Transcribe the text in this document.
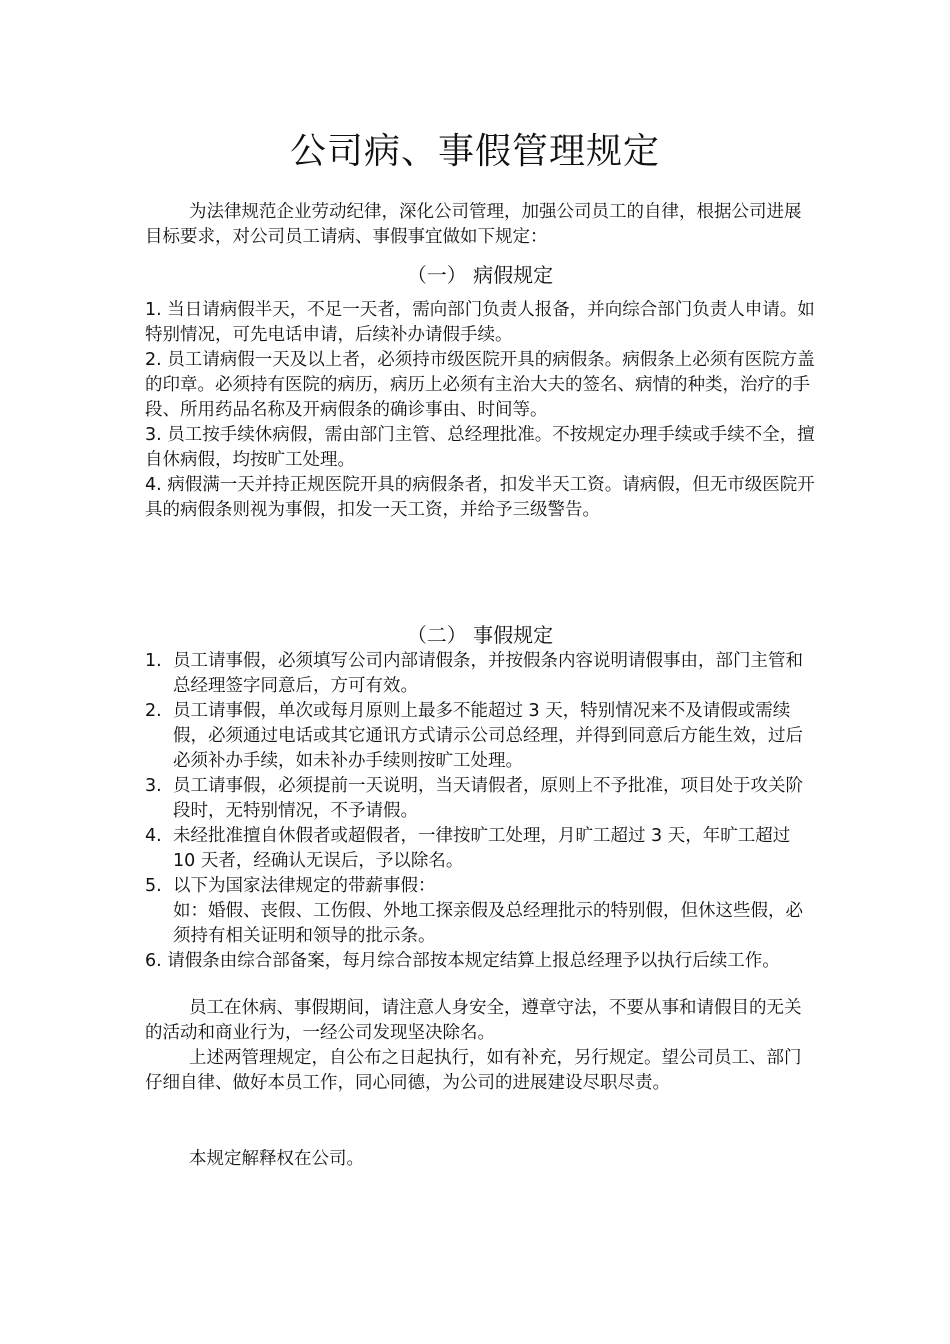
公司病、事假管理规定
为法律规范企业劳动纪律，深化公司管理，加强公司员工的自律，根据公司进展目标要求，对公司员工请病、事假事宜做如下规定：
（一） 病假规定

1. 当日请病假半天，不足一天者，需向部门负责人报备，并向综合部门负责人申请。如特别情况，可先电话申请，后续补办请假手续。

2. 员工请病假一天及以上者，必须持市级医院开具的病假条。病假条上必须有医院方盖的印章。必须持有医院的病历，病历上必须有主治大夫的签名、病情的种类，治疗的手段、所用药品名称及开病假条的确诊事由、时间等。

3. 员工按手续休病假，需由部门主管、总经理批准。不按规定办理手续或手续不全，擅自休病假，均按旷工处理。

4. 病假满一天并持正规医院开具的病假条者，扣发半天工资。请病假，但无市级医院开具的病假条则视为事假，扣发一天工资，并给予三级警告。

（二） 事假规定
1. 员工请事假，必须填写公司内部请假条，并按假条内容说明请假事由，部门主管和总经理签字同意后，方可有效。
2. 员工请事假，单次或每月原则上最多不能超过 3 天，特别情况来不及请假或需续假，必须通过电话或其它通讯方式请示公司总经理，并得到同意后方能生效，过后必须补办手续，如未补办手续则按旷工处理。
3. 员工请事假，必须提前一天说明，当天请假者，原则上不予批准，项目处于攻关阶段时，无特别情况，不予请假。
4. 未经批准擅自休假者或超假者，一律按旷工处理，月旷工超过 3 天，年旷工超过 10 天者，经确认无误后，予以除名。
5. 以下为国家法律规定的带薪事假：
如：婚假、丧假、工伤假、外地工探亲假及总经理批示的特别假，但休这些假，必须持有相关证明和领导的批示条。

6. 请假条由综合部备案，每月综合部按本规定结算上报总经理予以执行后续工作。

员工在休病、事假期间，请注意人身安全，遵章守法，不要从事和请假目的无关的活动和商业行为，一经公司发现坚决除名。

上述两管理规定，自公布之日起执行，如有补充，另行规定。望公司员工、部门仔细自律、做好本员工作，同心同德，为公司的进展建设尽职尽责。

本规定解释权在公司。
